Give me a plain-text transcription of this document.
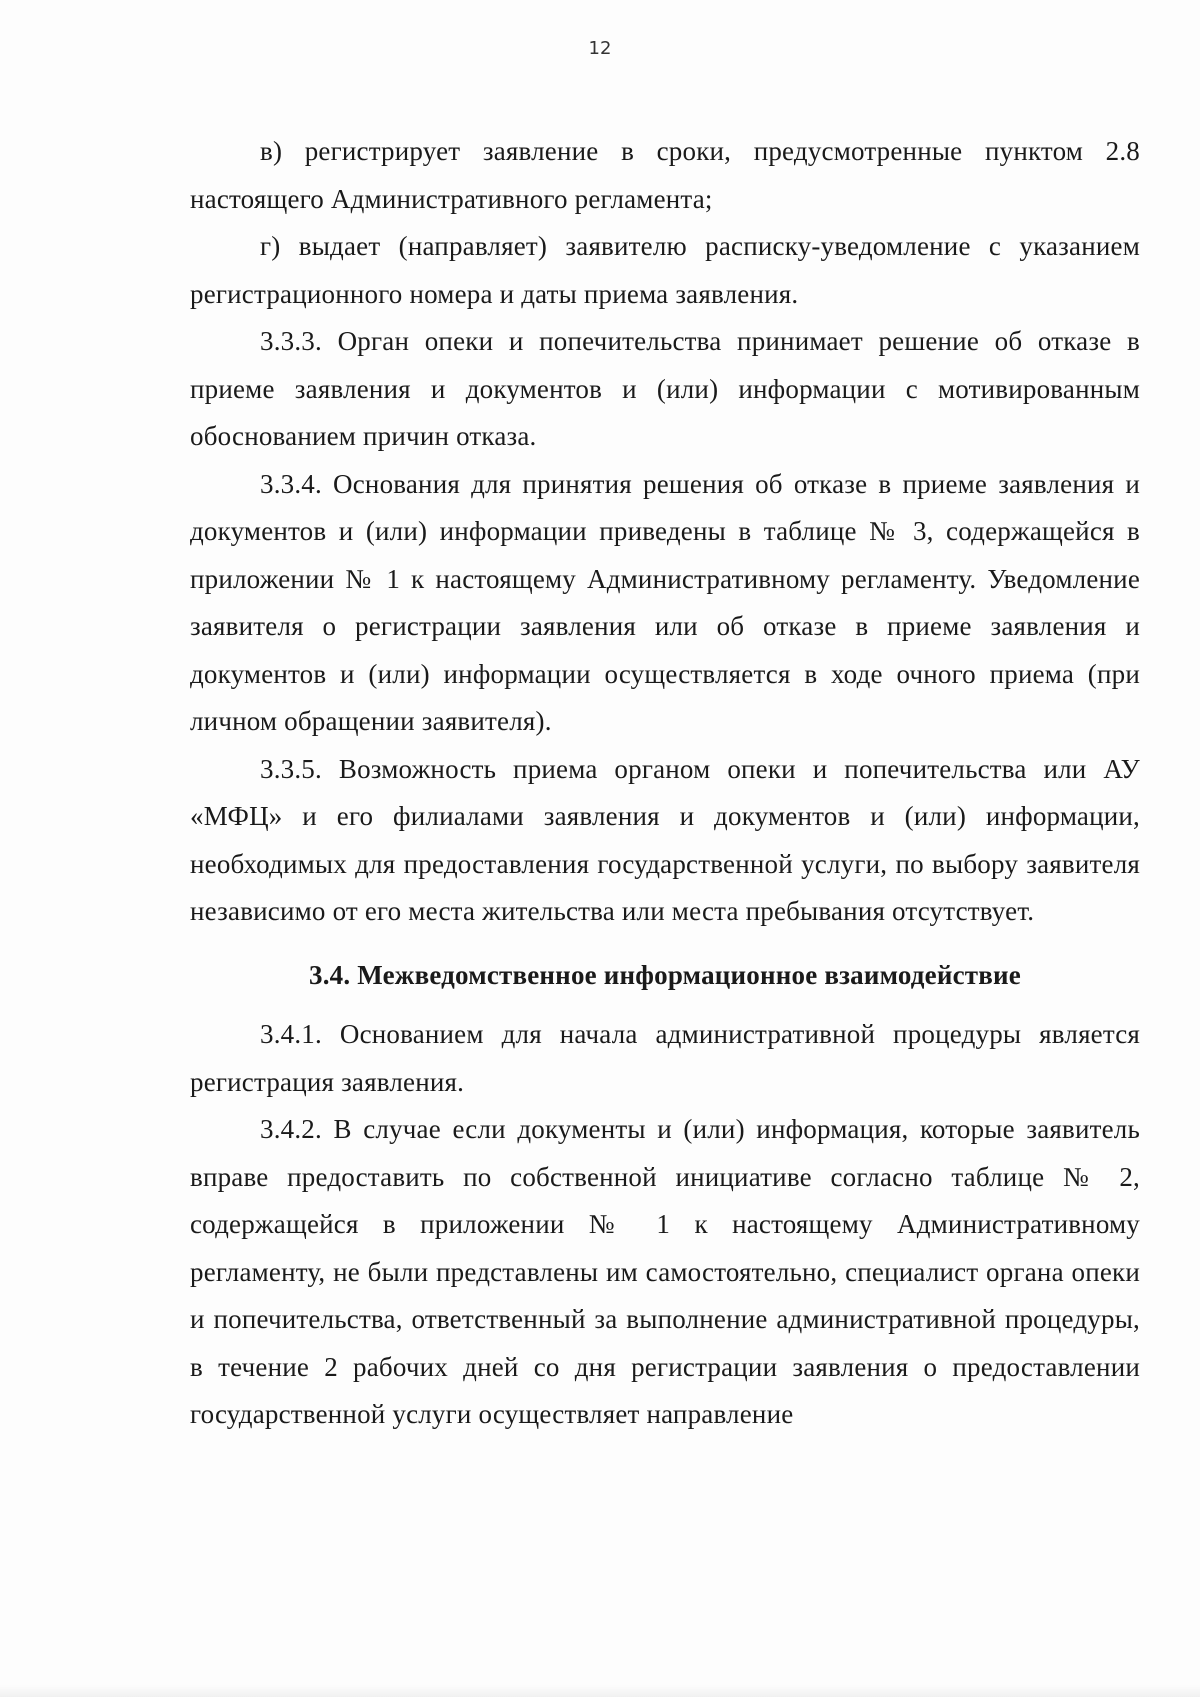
12

в) регистрирует заявление в сроки, предусмотренные пунктом 2.8 настоящего Административного регламента;

г) выдает (направляет) заявителю расписку-уведомление с указанием регистрационного номера и даты приема заявления.

3.3.3. Орган опеки и попечительства принимает решение об отказе в приеме заявления и документов и (или) информации с мотивированным обоснованием причин отказа.

3.3.4. Основания для принятия решения об отказе в приеме заявления и документов и (или) информации приведены в таблице № 3, содержащейся в приложении № 1 к настоящему Административному регламенту. Уведомление заявителя о регистрации заявления или об отказе в приеме заявления и документов и (или) информации осуществляется в ходе очного приема (при личном обращении заявителя).

3.3.5. Возможность приема органом опеки и попечительства или АУ «МФЦ» и его филиалами заявления и документов и (или) информации, необходимых для предоставления государственной услуги, по выбору заявителя независимо от его места жительства или места пребывания отсутствует.

3.4. Межведомственное информационное взаимодействие

3.4.1. Основанием для начала административной процедуры является регистрация заявления.

3.4.2. В случае если документы и (или) информация, которые заявитель вправе предоставить по собственной инициативе согласно таблице № 2, содержащейся в приложении № 1 к настоящему Административному регламенту, не были представлены им самостоятельно, специалист органа опеки и попечительства, ответственный за выполнение административной процедуры, в течение 2 рабочих дней со дня регистрации заявления о предоставлении государственной услуги осуществляет направление
